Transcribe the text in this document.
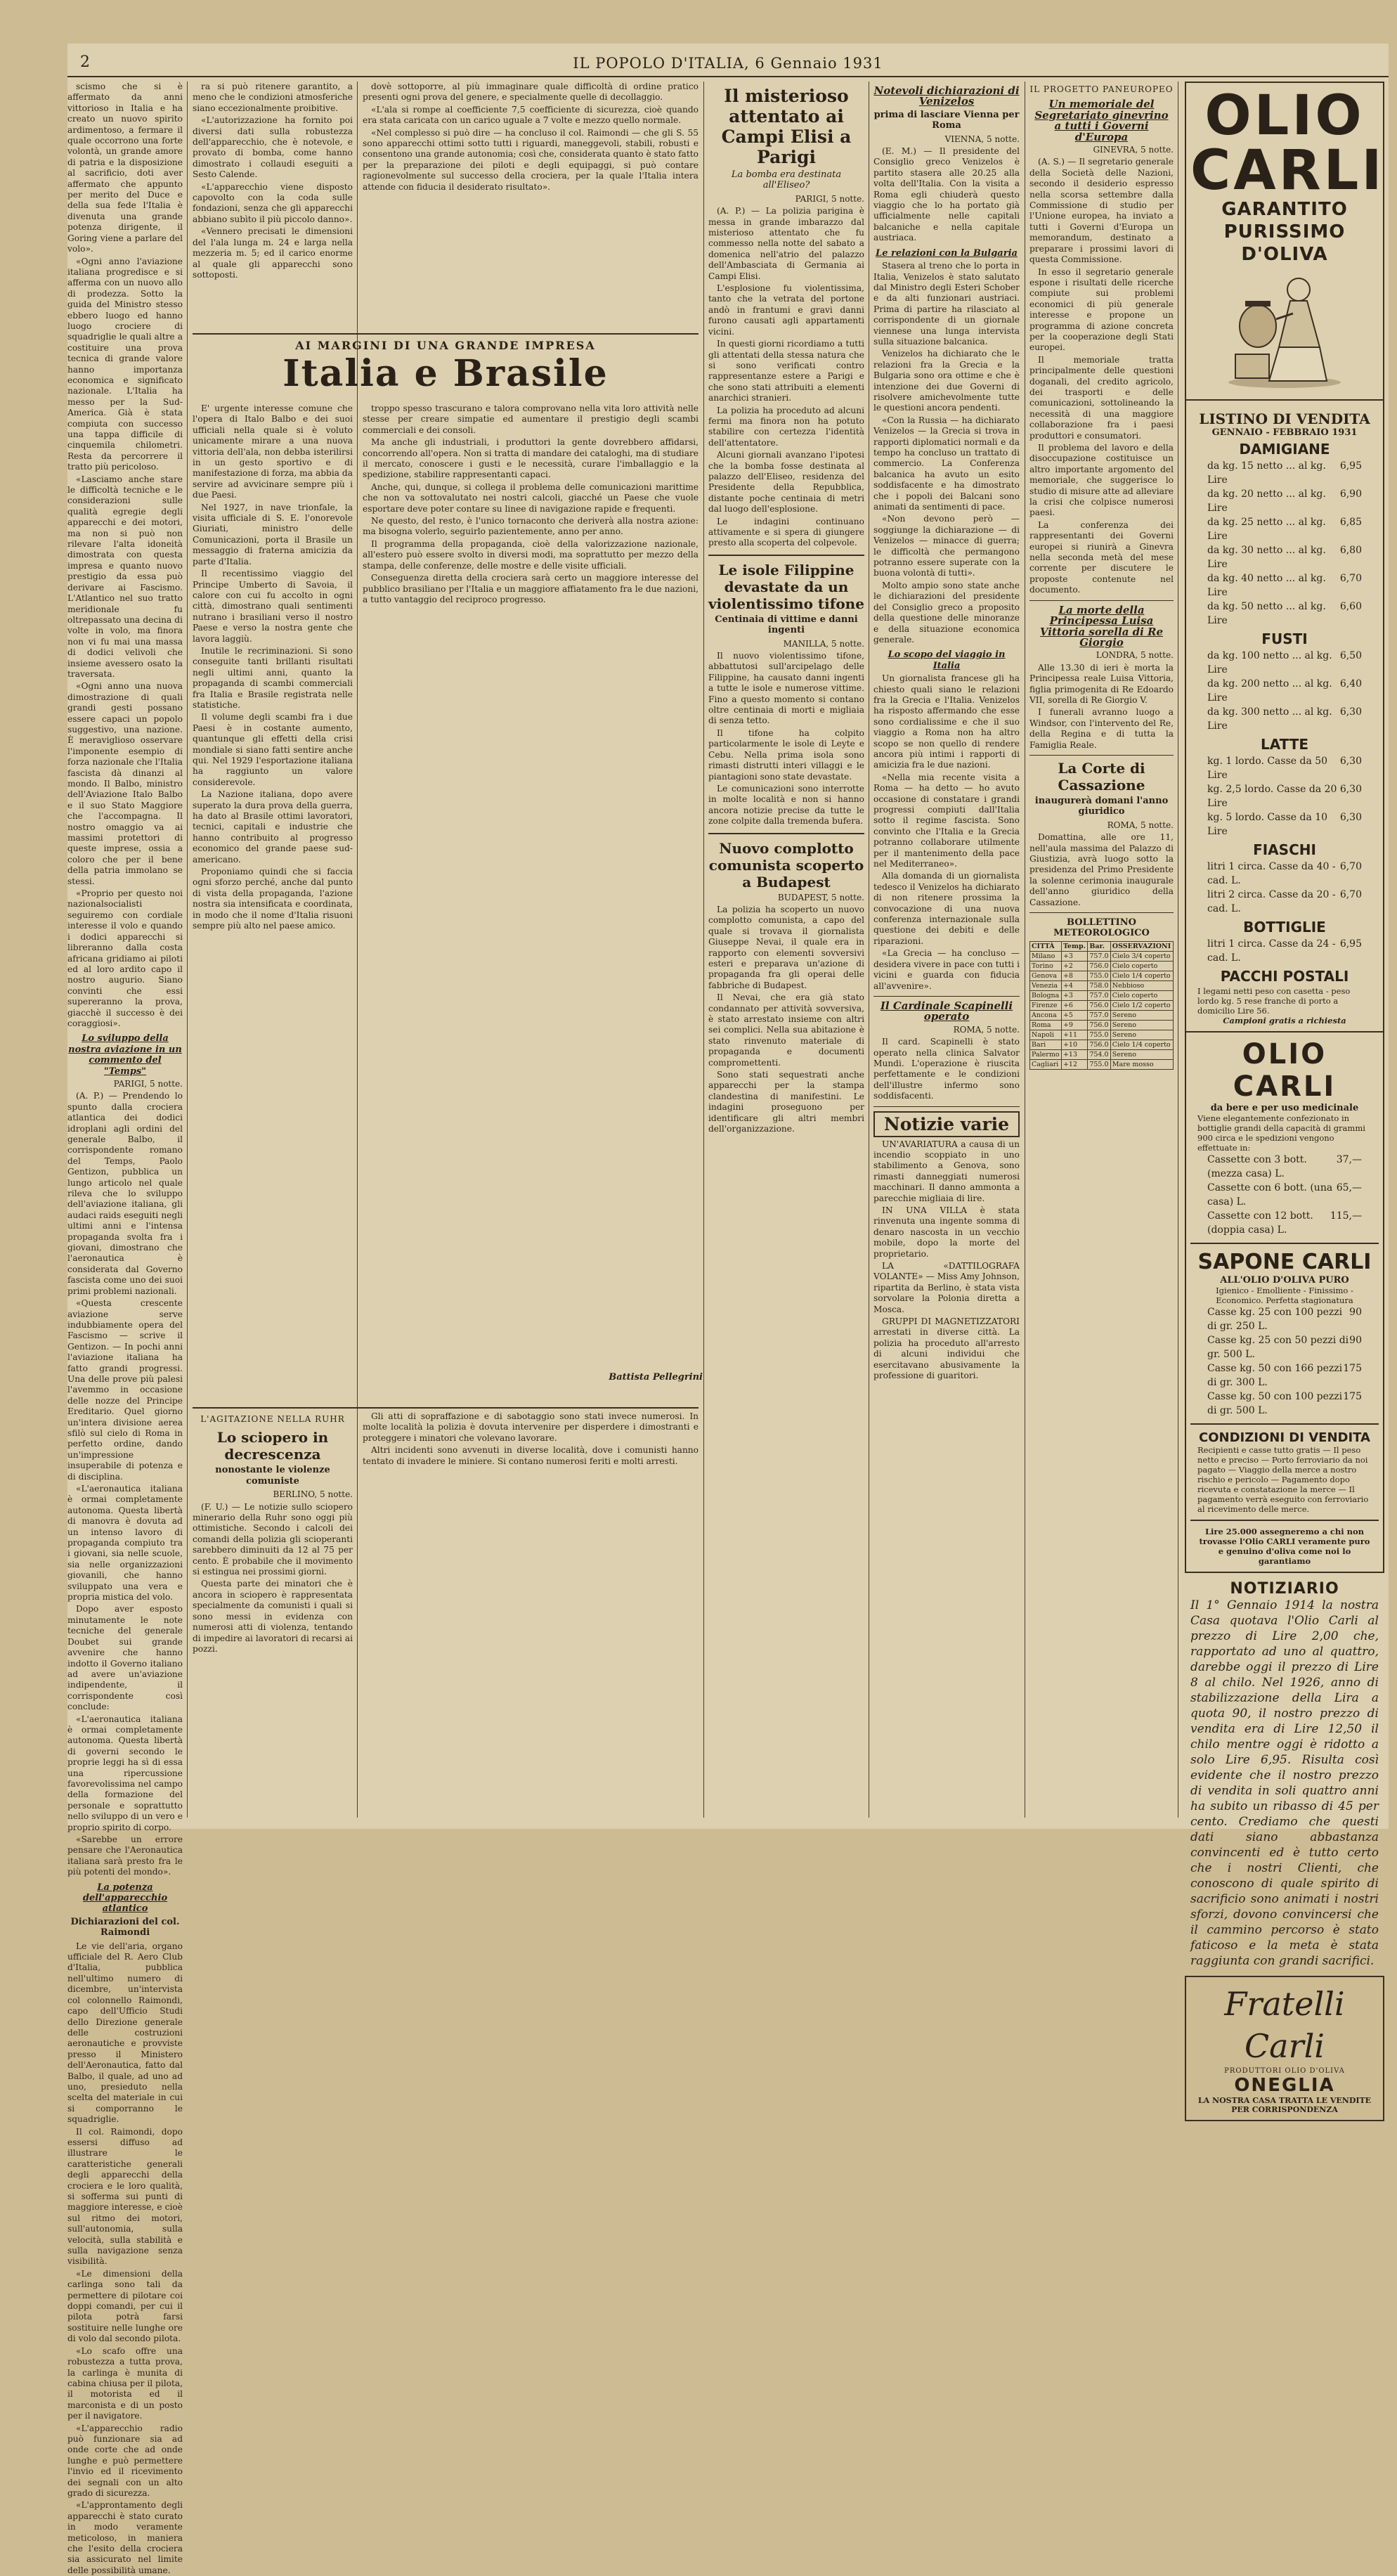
2	IL POPOLO D'ITALIA, 6 Gennaio 1931

scismo che si è affermato da anni vittorioso in Italia e ha creato un nuovo spirito ardimentoso, a fermare il quale occorrono una forte volontà, un grande amore di patria e la disposizione al sacrificio, doti aver affermato che appunto per merito del Duce e della sua fede l'Italia è divenuta una grande potenza dirigente, il Goring viene a parlare del volo».

«Ogni anno l'aviazione italiana progredisce e si afferma con un nuovo allo di prodezza. Sotto la guida del Ministro stesso ebbero luogo ed hanno luogo crociere di squadriglie le quali altre a costituire una prova tecnica di grande valore hanno importanza economica e significato nazionale. L'Italia ha messo per la Sud-America. Già è stata compiuta con successo una tappa difficile di cinquemila chilometri. Resta da percorrere il tratto più pericoloso.

«Lasciamo anche stare le difficoltà tecniche e le considerazioni sulle qualità egregie degli apparecchi e dei motori, ma non si può non rilevare l'alta idoneità dimostrata con questa impresa e quanto nuovo prestigio da essa può derivare ai Fascismo. L'Atlantico nel suo tratto meridionale fu oltrepassato una decina di volte in volo, ma finora non vi fu mai una massa di dodici velivoli che insieme avessero osato la traversata.

«Ogni anno una nuova dimostrazione di quali grandi gesti possano essere capaci un popolo suggestivo, una nazione. È meraviglioso osservare l'imponente esempio di forza nazionale che l'Italia fascista dà dinanzi al mondo. Il Balbo, ministro dell'Aviazione Italo Balbo e il suo Stato Maggiore che l'accompagna. Il nostro omaggio va ai massimi protettori di queste imprese, ossia a coloro che per il bene della patria immolano se stessi.

«Proprio per questo noi nazionalsocialisti seguiremo con cordiale interesse il volo e quando i dodici apparecchi si libreranno dalla costa africana gridiamo ai piloti ed al loro ardito capo il nostro augurio. Siano convinti che essi supereranno la prova, giacchè il successo è dei coraggiosi».

Lo sviluppo della nostra aviazione in un commento del "Temps"
PARIGI, 5 notte.

(A. P.) — Prendendo lo spunto dalla crociera atlantica dei dodici idroplani agli ordini del generale Balbo, il corrispondente romano del Temps, Paolo Gentizon, pubblica un lungo articolo nel quale rileva che lo sviluppo dell'aviazione italiana, gli audaci raids eseguiti negli ultimi anni e l'intensa propaganda svolta fra i giovani, dimostrano che l'aeronautica è considerata dal Governo fascista come uno dei suoi primi problemi nazionali.

«Questa crescente aviazione serve indubbiamente opera del Fascismo — scrive il Gentizon. — In pochi anni l'aviazione italiana ha fatto grandi progressi. Una delle prove più palesi l'avemmo in occasione delle nozze del Principe Ereditario. Quel giorno un'intera divisione aerea sfilò sul cielo di Roma in perfetto ordine, dando un'impressione insuperabile di potenza e di disciplina.

«L'aeronautica italiana è ormai completamente autonoma. Questa libertà di manovra è dovuta ad un intenso lavoro di propaganda compiuto tra i giovani, sia nelle scuole, sia nelle organizzazioni giovanili, che hanno sviluppato una vera e propria mistica del volo.

Dopo aver esposto minutamente le note tecniche del generale Doubet sui grande avvenire che hanno indotto il Governo italiano ad avere un'aviazione indipendente, il corrispondente così conclude:

«L'aeronautica italiana è ormai completamente autonoma. Questa libertà di governi secondo le proprie leggi ha sì di essa una ripercussione favorevolissima nel campo della formazione del personale e soprattutto nello sviluppo di un vero e proprio spirito di corpo.

«Sarebbe un errore pensare che l'Aeronautica italiana sarà presto fra le più potenti del mondo».

La potenza dell'apparecchio atlantico
Dichiarazioni del col. Raimondi

Le vie dell'aria, organo ufficiale del R. Aero Club d'Italia, pubblica nell'ultimo numero di dicembre, un'intervista col colonnello Raimondi, capo dell'Ufficio Studi dello Direzione generale delle costruzioni aeronautiche e provviste presso il Ministero dell'Aeronautica, fatto dal Balbo, il quale, ad uno ad uno, presieduto nella scelta del materiale in cui si comporranno le squadriglie.

Il col. Raimondi, dopo essersi diffuso ad illustrare le caratteristiche generali degli apparecchi della crociera e le loro qualità, si sofferma sui punti di maggiore interesse, e cioè sul ritmo dei motori, sull'autonomia, sulla velocità, sulla stabilità e sulla navigazione senza visibilità.

«Le dimensioni della carlinga sono tali da permettere di pilotare coi doppi comandi, per cui il pilota potrà farsi sostituire nelle lunghe ore di volo dal secondo pilota.

«Lo scafo offre una robustezza a tutta prova, la carlinga è munita di cabina chiusa per il pilota, il motorista ed il marconista e di un posto per il navigatore.

«L'apparecchio radio può funzionare sia ad onde corte che ad onde lunghe e può permettere l'invio ed il ricevimento dei segnali con un alto grado di sicurezza.

«L'approntamento degli apparecchi è stato curato in modo veramente meticoloso, in maniera che l'esito della crociera sia assicurato nel limite delle possibilità umane.

ra si può ritenere garantito, a meno che le condizioni atmosferiche siano eccezionalmente proibitive.

«L'autorizzazione ha fornito poi diversi dati sulla robustezza dell'apparecchio, che è notevole, e provato di bomba, come hanno dimostrato i collaudi eseguiti a Sesto Calende.

«L'apparecchio viene disposto capovolto con la coda sulle fondazioni, senza che gli apparecchi abbiano subìto il più piccolo danno».

«Vennero precisati le dimensioni del l'ala lunga m. 24 e larga nella mezzeria m. 5; ed il carico enorme al quale gli apparecchi sono sottoposti.

dovè sottoporre, al più immaginare quale difficoltà di ordine pratico presenti ogni prova del genere, e specialmente quelle di decollaggio.

«L'ala si rompe al coefficiente 7,5 coefficiente di sicurezza, cioè quando era stata caricata con un carico uguale a 7 volte e mezzo quello normale.

«Nel complesso si può dire — ha concluso il col. Raimondi — che gli S. 55 sono apparecchi ottimi sotto tutti i riguardi, maneggevoli, stabili, robusti e consentono una grande autonomia; così che, considerata quanto è stato fatto per la preparazione dei piloti e degli equipaggi, si può contare ragionevolmente sul successo della crociera, per la quale l'Italia intera attende con fiducia il desiderato risultato».

AI MARGINI DI UNA GRANDE IMPRESA
Italia e Brasile

E' urgente interesse comune che l'opera di Italo Balbo e dei suoi ufficiali nella quale si è voluto unicamente mirare a una nuova vittoria dell'ala, non debba isterilirsi in un gesto sportivo e di manifestazione di forza, ma abbia da servire ad avvicinare sempre più i due Paesi.

Nel 1927, in nave trionfale, la visita ufficiale di S. E. l'onorevole Giuriati, ministro delle Comunicazioni, porta il Brasile un messaggio di fraterna amicizia da parte d'Italia.

Il recentissimo viaggio del Principe Umberto di Savoia, il calore con cui fu accolto in ogni città, dimostrano quali sentimenti nutrano i brasiliani verso il nostro Paese e verso la nostra gente che lavora laggiù.

Inutile le recriminazioni. Si sono conseguite tanti brillanti risultati negli ultimi anni, quanto la propaganda di scambi commerciali fra Italia e Brasile registrata nelle statistiche.

Il volume degli scambi fra i due Paesi è in costante aumento, quantunque gli effetti della crisi mondiale si siano fatti sentire anche qui. Nel 1929 l'esportazione italiana ha raggiunto un valore considerevole.

La Nazione italiana, dopo avere superato la dura prova della guerra, ha dato al Brasile ottimi lavoratori, tecnici, capitali e industrie che hanno contribuito al progresso economico del grande paese sud-americano.

Proponiamo quindi che si faccia ogni sforzo perché, anche dal punto di vista della propaganda, l'azione nostra sia intensificata e coordinata, in modo che il nome d'Italia risuoni sempre più alto nel paese amico.

troppo spesso trascurano e talora comprovano nella vita loro attività nelle stesse per creare simpatie ed aumentare il prestigio degli scambi commerciali e dei consoli.

Ma anche gli industriali, i produttori la gente dovrebbero affidarsi, concorrendo all'opera. Non si tratta di mandare dei cataloghi, ma di studiare il mercato, conoscere i gusti e le necessità, curare l'imballaggio e la spedizione, stabilire rappresentanti capaci.

Anche, qui, dunque, si collega il problema delle comunicazioni marittime che non va sottovalutato nei nostri calcoli, giacché un Paese che vuole esportare deve poter contare su linee di navigazione rapide e frequenti.

Ne questo, del resto, è l'unico tornaconto che deriverà alla nostra azione: ma bisogna volerlo, seguirlo pazientemente, anno per anno.

Il programma della propaganda, cioè della valorizzazione nazionale, all'estero può essere svolto in diversi modi, ma soprattutto per mezzo della stampa, delle conferenze, delle mostre e delle visite ufficiali.

Conseguenza diretta della crociera sarà certo un maggiore interesse del pubblico brasiliano per l'Italia e un maggiore affiatamento fra le due nazioni, a tutto vantaggio del reciproco progresso.

Battista Pellegrini
L'AGITAZIONE NELLA RUHR
Lo sciopero in decrescenza
nonostante le violenze comuniste
BERLINO, 5 notte.

(F. U.) — Le notizie sullo sciopero minerario della Ruhr sono oggi più ottimistiche. Secondo i calcoli dei comandi della polizia gli scioperanti sarebbero diminuiti da 12 al 75 per cento. È probabile che il movimento si estingua nei prossimi giorni.

Questa parte dei minatori che è ancora in sciopero è rappresentata specialmente da comunisti i quali si sono messi in evidenza con numerosi atti di violenza, tentando di impedire ai lavoratori di recarsi ai pozzi.

Gli atti di sopraffazione e di sabotaggio sono stati invece numerosi. In molte località la polizia è dovuta intervenire per disperdere i dimostranti e proteggere i minatori che volevano lavorare.

Altri incidenti sono avvenuti in diverse località, dove i comunisti hanno tentato di invadere le miniere. Si contano numerosi feriti e molti arresti.

Il misterioso attentato ai Campi Elisi a Parigi
La bomba era destinata all'Eliseo?
PARIGI, 5 notte.

(A. P.) — La polizia parigina è messa in grande imbarazzo dal misterioso attentato che fu commesso nella notte del sabato a domenica nell'atrio del palazzo dell'Ambasciata di Germania ai Campi Elisi.

L'esplosione fu violentissima, tanto che la vetrata del portone andò in frantumi e gravi danni furono causati agli appartamenti vicini.

In questi giorni ricordiamo a tutti gli attentati della stessa natura che si sono verificati contro rappresentanze estere a Parigi e che sono stati attribuiti a elementi anarchici stranieri.

La polizia ha proceduto ad alcuni fermi ma finora non ha potuto stabilire con certezza l'identità dell'attentatore.

Alcuni giornali avanzano l'ipotesi che la bomba fosse destinata al palazzo dell'Eliseo, residenza del Presidente della Repubblica, distante poche centinaia di metri dal luogo dell'esplosione.

Le indagini continuano attivamente e si spera di giungere presto alla scoperta del colpevole.

Le isole Filippine devastate da un violentissimo tifone
Centinaia di vittime e danni ingenti
MANILLA, 5 notte.

Il nuovo violentissimo tifone, abbattutosi sull'arcipelago delle Filippine, ha causato danni ingenti a tutte le isole e numerose vittime. Fino a questo momento si contano oltre centinaia di morti e migliaia di senza tetto.

Il tifone ha colpito particolarmente le isole di Leyte e Cebu. Nella prima isola sono rimasti distrutti interi villaggi e le piantagioni sono state devastate.

Le comunicazioni sono interrotte in molte località e non si hanno ancora notizie precise da tutte le zone colpite dalla tremenda bufera.

Nuovo complotto comunista scoperto a Budapest
BUDAPEST, 5 notte.

La polizia ha scoperto un nuovo complotto comunista, a capo del quale si trovava il giornalista Giuseppe Nevai, il quale era in rapporto con elementi sovversivi esteri e preparava un'azione di propaganda fra gli operai delle fabbriche di Budapest.

Il Nevai, che era già stato condannato per attività sovversiva, è stato arrestato insieme con altri sei complici. Nella sua abitazione è stato rinvenuto materiale di propaganda e documenti compromettenti.

Sono stati sequestrati anche apparecchi per la stampa clandestina di manifestini. Le indagini proseguono per identificare gli altri membri dell'organizzazione.

Notevoli dichiarazioni di Venizelos
prima di lasciare Vienna per Roma
VIENNA, 5 notte.

(E. M.) — Il presidente del Consiglio greco Venizelos è partito stasera alle 20.25 alla volta dell'Italia. Con la visita a Roma egli chiuderà questo viaggio che lo ha portato già ufficialmente nelle capitali balcaniche e nella capitale austriaca.

Le relazioni con la Bulgaria

Stasera al treno che lo porta in Italia, Venizelos è stato salutato dal Ministro degli Esteri Schober e da alti funzionari austriaci. Prima di partire ha rilasciato al corrispondente di un giornale viennese una lunga intervista sulla situazione balcanica.

Venizelos ha dichiarato che le relazioni fra la Grecia e la Bulgaria sono ora ottime e che è intenzione dei due Governi di risolvere amichevolmente tutte le questioni ancora pendenti.

«Con la Russia — ha dichiarato Venizelos — la Grecia si trova in rapporti diplomatici normali e da tempo ha concluso un trattato di commercio. La Conferenza balcanica ha avuto un esito soddisfacente e ha dimostrato che i popoli dei Balcani sono animati da sentimenti di pace.

«Non devono però — soggiunge la dichiarazione — di Venizelos — minacce di guerra; le difficoltà che permangono potranno essere superate con la buona volontà di tutti».

Molto ampio sono state anche le dichiarazioni del presidente del Consiglio greco a proposito della questione delle minoranze e della situazione economica generale.

Lo scopo del viaggio in Italia

Un giornalista francese gli ha chiesto quali siano le relazioni fra la Grecia e l'Italia. Venizelos ha risposto affermando che esse sono cordialissime e che il suo viaggio a Roma non ha altro scopo se non quello di rendere ancora più intimi i rapporti di amicizia fra le due nazioni.

«Nella mia recente visita a Roma — ha detto — ho avuto occasione di constatare i grandi progressi compiuti dall'Italia sotto il regime fascista. Sono convinto che l'Italia e la Grecia potranno collaborare utilmente per il mantenimento della pace nel Mediterraneo».

Alla domanda di un giornalista tedesco il Venizelos ha dichiarato di non ritenere prossima la convocazione di una nuova conferenza internazionale sulla questione dei debiti e delle riparazioni.

«La Grecia — ha concluso — desidera vivere in pace con tutti i vicini e guarda con fiducia all'avvenire».

Il Cardinale Scapinelli operato
ROMA, 5 notte.

Il card. Scapinelli è stato operato nella clinica Salvator Mundi. L'operazione è riuscita perfettamente e le condizioni dell'illustre infermo sono soddisfacenti.

Notizie varie

UN'AVARIATURA a causa di un incendio scoppiato in uno stabilimento a Genova, sono rimasti danneggiati numerosi macchinari. Il danno ammonta a parecchie migliaia di lire.

IN UNA VILLA è stata rinvenuta una ingente somma di denaro nascosta in un vecchio mobile, dopo la morte del proprietario.

LA «DATTILOGRAFA VOLANTE» — Miss Amy Johnson, ripartita da Berlino, è stata vista sorvolare la Polonia diretta a Mosca.

GRUPPI DI MAGNETIZZATORI arrestati in diverse città. La polizia ha proceduto all'arresto di alcuni individui che esercitavano abusivamente la professione di guaritori.

IL PROGETTO PANEUROPEO
Un memoriale del Segretariato ginevrino a tutti i Governi d'Europa
GINEVRA, 5 notte.

(A. S.) — Il segretario generale della Società delle Nazioni, secondo il desiderio espresso nella scorsa settembre dalla Commissione di studio per l'Unione europea, ha inviato a tutti i Governi d'Europa un memorandum, destinato a preparare i prossimi lavori di questa Commissione.

In esso il segretario generale espone i risultati delle ricerche compiute sui problemi economici di più generale interesse e propone un programma di azione concreta per la cooperazione degli Stati europei.

Il memoriale tratta principalmente delle questioni doganali, del credito agricolo, dei trasporti e delle comunicazioni, sottolineando la necessità di una maggiore collaborazione fra i paesi produttori e consumatori.

Il problema del lavoro e della disoccupazione costituisce un altro importante argomento del memoriale, che suggerisce lo studio di misure atte ad alleviare la crisi che colpisce numerosi paesi.

La conferenza dei rappresentanti dei Governi europei si riunirà a Ginevra nella seconda metà del mese corrente per discutere le proposte contenute nel documento.

La morte della Principessa Luisa Vittoria sorella di Re Giorgio
LONDRA, 5 notte.

Alle 13.30 di ieri è morta la Principessa reale Luisa Vittoria, figlia primogenita di Re Edoardo VII, sorella di Re Giorgio V.

I funerali avranno luogo a Windsor, con l'intervento del Re, della Regina e di tutta la Famiglia Reale.

La Corte di Cassazione
inaugurerà domani l'anno giuridico
ROMA, 5 notte.

Domattina, alle ore 11, nell'aula massima del Palazzo di Giustizia, avrà luogo sotto la presidenza del Primo Presidente la solenne cerimonia inaugurale dell'anno giuridico della Cassazione.

BOLLETTINO METEOROLOGICO
CITTÀ	Temp.	Bar.	OSSERVAZIONI
Milano	+3	757.0	Cielo 3/4 coperto
Torino	+2	756.0	Cielo coperto
Genova	+8	755.0	Cielo 1/4 coperto
Venezia	+4	758.0	Nebbioso
Bologna	+3	757.0	Cielo coperto
Firenze	+6	756.0	Cielo 1/2 coperto
Ancona	+5	757.0	Sereno
Roma	+9	756.0	Sereno
Napoli	+11	755.0	Sereno
Bari	+10	756.0	Cielo 1/4 coperto
Palermo	+13	754.0	Sereno
Cagliari	+12	755.0	Mare mosso
OLIO
CARLI
GARANTITO
PURISSIMO
D'OLIVA
LISTINO DI VENDITA
GENNAIO - FEBBRAIO 1931
DAMIGIANE
6,95
da kg. 15 netto ... al kg. Lire
6,90
da kg. 20 netto ... al kg. Lire
6,85
da kg. 25 netto ... al kg. Lire
6,80
da kg. 30 netto ... al kg. Lire
6,70
da kg. 40 netto ... al kg. Lire
6,60
da kg. 50 netto ... al kg. Lire
FUSTI
6,50
da kg. 100 netto ... al kg. Lire
6,40
da kg. 200 netto ... al kg. Lire
6,30
da kg. 300 netto ... al kg. Lire
LATTE
6,30
kg. 1 lordo. Casse da 50 Lire
6,30
kg. 2,5 lordo. Casse da 20 Lire
6,30
kg. 5 lordo. Casse da 10 Lire
FIASCHI
6,70
litri 1 circa. Casse da 40 - cad. L.
6,70
litri 2 circa. Casse da 20 - cad. L.
BOTTIGLIE
6,95
litri 1 circa. Casse da 24 - cad. L.
PACCHI POSTALI
I legami netti peso con casetta - peso lordo kg. 5 rese franche di porto a domicilio Lire 56.
Campioni gratis a richiesta
OLIO CARLI
da bere e per uso medicinale
Viene elegantemente confezionato in bottiglie grandi della capacità di grammi 900 circa e le spedizioni vengono effettuate in:
37,—
Cassette con 3 bott. (mezza casa) L.
65,—
Cassette con 6 bott. (una casa) L.
115,—
Cassette con 12 bott. (doppia casa) L.
SAPONE CARLI
ALL'OLIO D'OLIVA PURO
Igienico - Emolliente - Finissimo - Economico. Perfetta stagionatura
90
Casse kg. 25 con 100 pezzi di gr. 250 L.
90
Casse kg. 25 con 50 pezzi di gr. 500 L.
175
Casse kg. 50 con 166 pezzi di gr. 300 L.
175
Casse kg. 50 con 100 pezzi di gr. 500 L.
CONDIZIONI DI VENDITA
Recipienti e casse tutto gratis — Il peso netto e preciso — Porto ferroviario da noi pagato — Viaggio della merce a nostro rischio e pericolo — Pagamento dopo ricevuta e constatazione la merce — Il pagamento verrà eseguito con ferroviario al ricevimento delle merce.
Lire 25.000 assegneremo a chi non trovasse l'Olio CARLI veramente puro e genuino d'oliva come noi lo garantiamo
NOTIZIARIO
Il 1° Gennaio 1914 la nostra Casa quotava l'Olio Carli al prezzo di Lire 2,00 che, rapportato ad uno al quattro, darebbe oggi il prezzo di Lire 8 al chilo. Nel 1926, anno di stabilizzazione della Lira a quota 90, il nostro prezzo di vendita era di Lire 12,50 il chilo mentre oggi è ridotto a solo Lire 6,95. Risulta così evidente che il nostro prezzo di vendita in soli quattro anni ha subito un ribasso di 45 per cento. Crediamo che questi dati siano abbastanza convincenti ed è tutto certo che i nostri Clienti, che conoscono di quale spirito di sacrificio sono animati i nostri sforzi, dovono convincersi che il cammino percorso è stato faticoso e la meta è stata raggiunta con grandi sacrifici.
Fratelli Carli
PRODUTTORI OLIO D'OLIVA
ONEGLIA
LA NOSTRA CASA TRATTA LE VENDITE PER CORRISPONDENZA
